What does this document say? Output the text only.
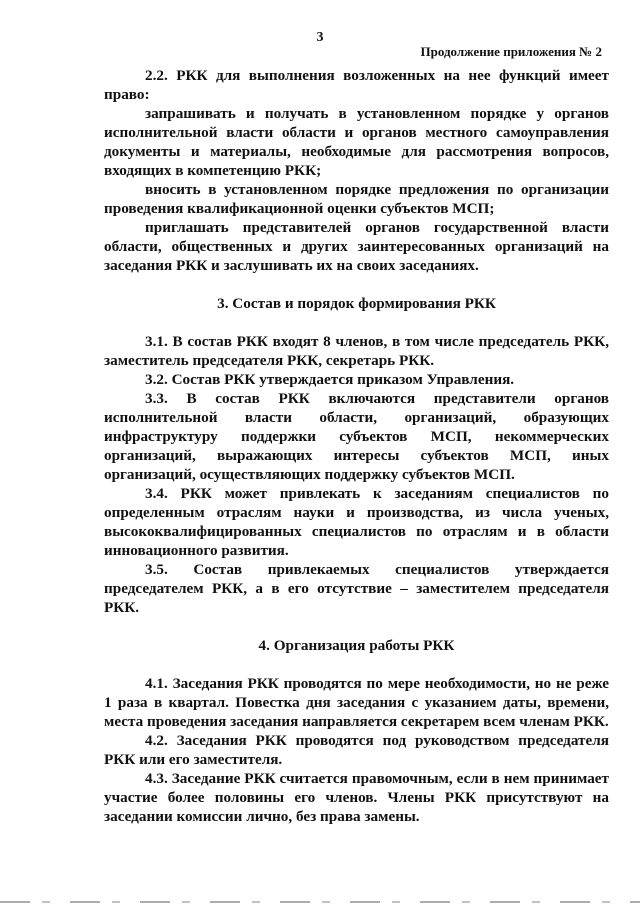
3
Продолжение приложения № 2

2.2. РКК для выполнения возложенных на нее функций имеет право:

запрашивать и получать в установленном порядке у органов исполнительной власти области и органов местного самоуправления документы и материалы, необходимые для рассмотрения вопросов, входящих в компетенцию РКК;

вносить в установленном порядке предложения по организации проведения квалификационной оценки субъектов МСП;

приглашать представителей органов государственной власти области, общественных и других заинтересованных организаций на заседания РКК и заслушивать их на своих заседаниях.

3. Состав и порядок формирования РКК

3.1. В состав РКК входят 8 членов, в том числе председатель РКК, заместитель председателя РКК, секретарь РКК.

3.2. Состав РКК утверждается приказом Управления.

3.3. В состав РКК включаются представители органов исполнительной власти области, организаций, образующих инфраструктуру поддержки субъектов МСП, некоммерческих организаций, выражающих интересы субъектов МСП, иных организаций, осуществляющих поддержку субъектов МСП.

3.4. РКК может привлекать к заседаниям специалистов по определенным отраслям науки и производства, из числа ученых, высококвалифицированных специалистов по отраслям и в области инновационного развития.

3.5. Состав привлекаемых специалистов утверждается председателем РКК, а в его отсутствие – заместителем председателя РКК.

4. Организация работы РКК

4.1. Заседания РКК проводятся по мере необходимости, но не реже 1 раза в квартал. Повестка дня заседания с указанием даты, времени, места проведения заседания направляется секретарем всем членам РКК.

4.2. Заседания РКК проводятся под руководством председателя РКК или его заместителя.

4.3. Заседание РКК считается правомочным, если в нем принимает участие более половины его членов. Члены РКК присутствуют на заседании комиссии лично, без права замены.
